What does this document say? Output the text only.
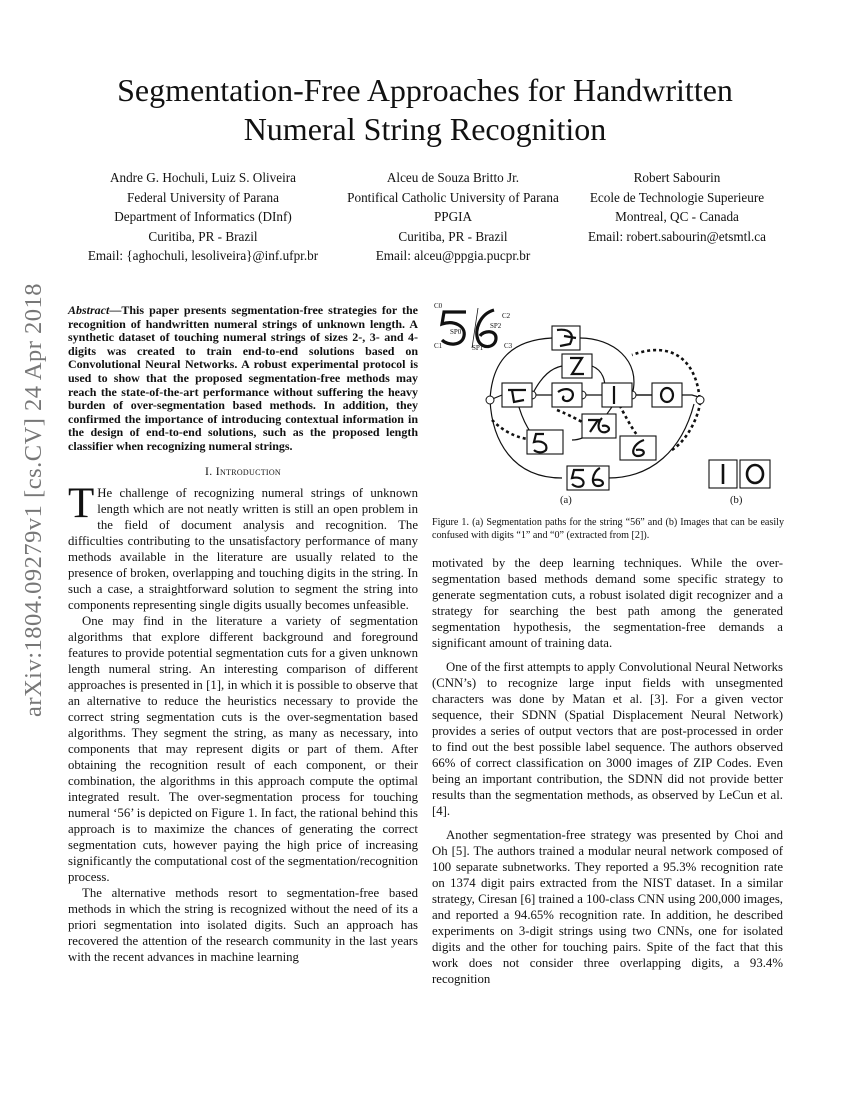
arXiv:1804.09279v1 [cs.CV] 24 Apr 2018
Segmentation-Free Approaches for Handwritten Numeral String Recognition
Andre G. Hochuli, Luiz S. Oliveira
Federal University of Parana
Department of Informatics (DInf)
Curitiba, PR - Brazil
Email: {aghochuli, lesoliveira}@inf.ufpr.br
Alceu de Souza Britto Jr.
Pontifical Catholic University of Parana
PPGIA
Curitiba, PR - Brazil
Email: alceu@ppgia.pucpr.br
Robert Sabourin
Ecole de Technologie Superieure
Montreal, QC - Canada
Email: robert.sabourin@etsmtl.ca

Abstract—This paper presents segmentation-free strategies for the recognition of handwritten numeral strings of unknown length. A synthetic dataset of touching numeral strings of sizes 2-, 3- and 4-digits was created to train end-to-end solutions based on Convolutional Neural Networks. A robust experimental protocol is used to show that the proposed segmentation-free methods may reach the state-of-the-art performance without suffering the heavy burden of over-segmentation based methods. In addition, they confirmed the importance of introducing contextual information in the design of end-to-end solutions, such as the proposed length classifier when recognizing numeral strings.

I. Introduction

T He challenge of recognizing numeral strings of unknown length which are not neatly written is still an open problem in the field of document analysis and recognition. The difficulties contributing to the unsatisfactory performance of many methods available in the literature are usually related to the presence of broken, overlapping and touching digits in the string. In such a case, a straightforward solution to segment the string into components representing single digits usually becomes unfeasible.

One may find in the literature a variety of segmentation algorithms that explore different background and foreground features to provide potential segmentation cuts for a given unknown length numeral string. An interesting comparison of different approaches is presented in [1], in which it is possible to observe that an alternative to reduce the heuristics necessary to provide the correct string segmentation cuts is the over-segmentation based algorithms. They segment the string, as many as necessary, into components that may represent digits or part of them. After obtaining the recognition result of each component, or their combination, the algorithms in this approach compute the optimal integrated result. The over-segmentation process for touching numeral ‘56’ is depicted on Figure 1. In fact, the rational behind this approach is to maximize the chances of generating the correct segmentation cuts, however paying the high price of increasing significantly the computational cost of the segmentation/recognition process.

The alternative methods resort to segmentation-free based methods in which the string is recognized without the need of its a priori segmentation into isolated digits. Such an approach has recovered the attention of the research community in the last years with the recent advances in machine learning

C0
C1
C2
C3
SP0
SP1
SP2
(a)	(b)
Figure 1. (a) Segmentation paths for the string “56” and (b) Images that can be easily confused with digits “1” and “0” (extracted from [2]).

motivated by the deep learning techniques. While the over-segmentation based methods demand some specific strategy to generate segmentation cuts, a robust isolated digit recognizer and a strategy for searching the best path among the generated segmentation hypothesis, the segmentation-free demands a significant amount of training data.

One of the first attempts to apply Convolutional Neural Networks (CNN’s) to recognize large input fields with unsegmented characters was done by Matan et al. [3]. For a given vector sequence, their SDNN (Spatial Displacement Neural Network) provides a series of output vectors that are post-processed in order to find out the best possible label sequence. The authors observed 66% of correct classification on 3000 images of ZIP Codes. Even being an important contribution, the SDNN did not provide better results than the segmentation methods, as observed by LeCun et al. [4].

Another segmentation-free strategy was presented by Choi and Oh [5]. The authors trained a modular neural network composed of 100 separate subnetworks. They reported a 95.3% recognition rate on 1374 digit pairs extracted from the NIST dataset. In a similar strategy, Ciresan [6] trained a 100-class CNN using 200,000 images, and reported a 94.65% recognition rate. In addition, he described experiments on 3-digit strings using two CNNs, one for isolated digits and the other for touching pairs. Spite of the fact that this work does not consider three overlapping digits, a 93.4% recognition
